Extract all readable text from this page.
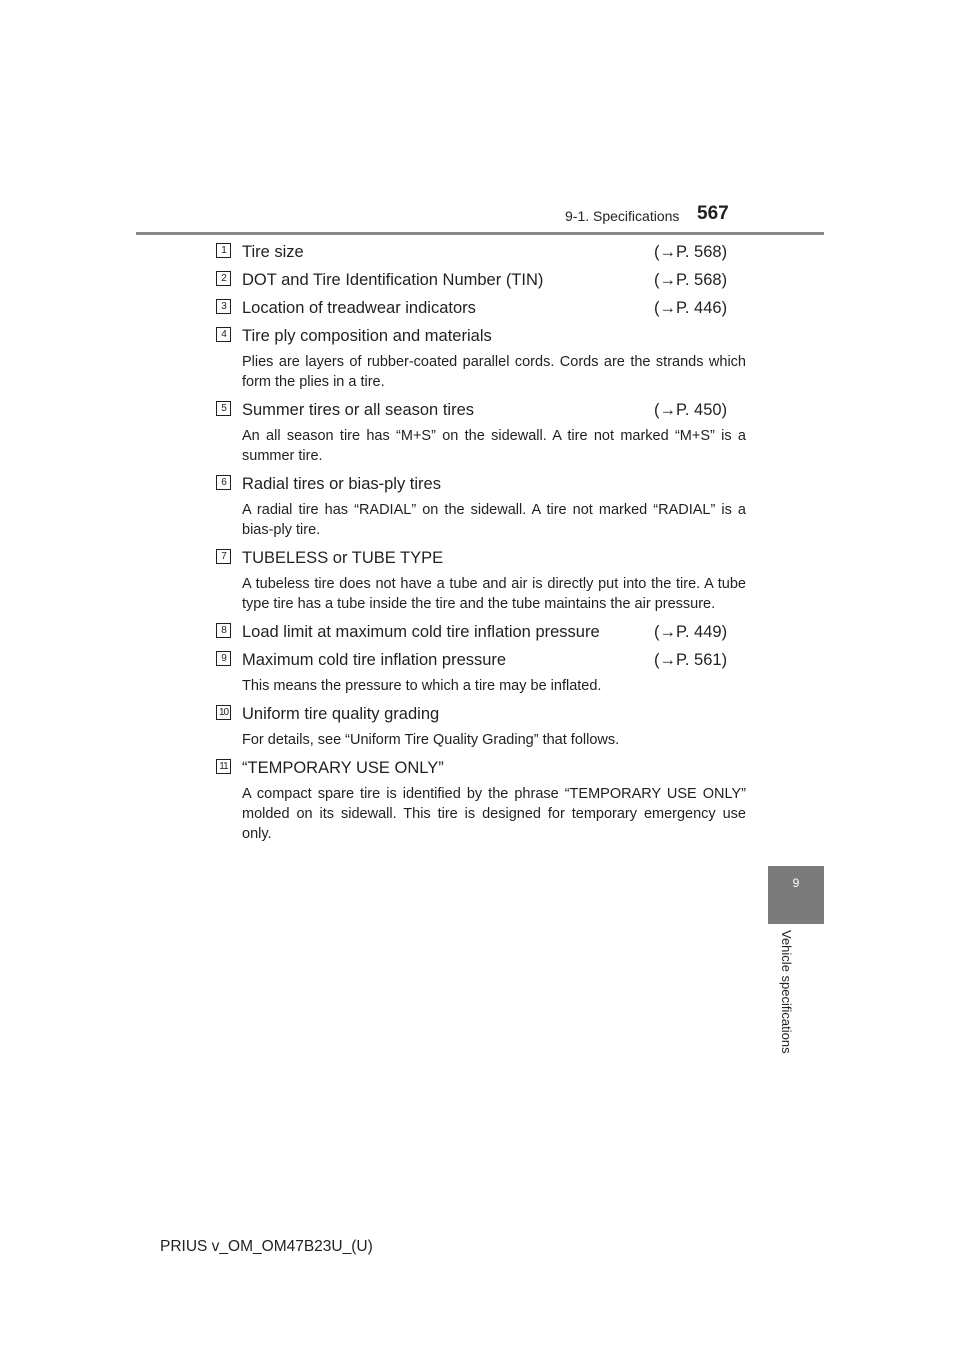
9-1. Specifications 567
9
Vehicle specifications
1 Tire size	(→P. 568)
2 DOT and Tire Identification Number (TIN)	(→P. 568)
3 Location of treadwear indicators	(→P. 446)
4 Tire ply composition and materials
Plies are layers of rubber-coated parallel cords. Cords are the strands which form the plies in a tire.
5 Summer tires or all season tires	(→P. 450)
An all season tire has “M+S” on the sidewall. A tire not marked “M+S” is a summer tire.
6 Radial tires or bias-ply tires
A radial tire has “RADIAL” on the sidewall. A tire not marked “RADIAL” is a bias-ply tire.
7 TUBELESS or TUBE TYPE
A tubeless tire does not have a tube and air is directly put into the tire. A tube type tire has a tube inside the tire and the tube maintains the air pressure.
8 Load limit at maximum cold tire inflation pressure	(→P. 449)
9 Maximum cold tire inflation pressure	(→P. 561)
This means the pressure to which a tire may be inflated.
10 Uniform tire quality grading
For details, see “Uniform Tire Quality Grading” that follows.
11 “TEMPORARY USE ONLY”
A compact spare tire is identified by the phrase “TEMPORARY USE ONLY” molded on its sidewall. This tire is designed for temporary emergency use only.
PRIUS v_OM_OM47B23U_(U)
